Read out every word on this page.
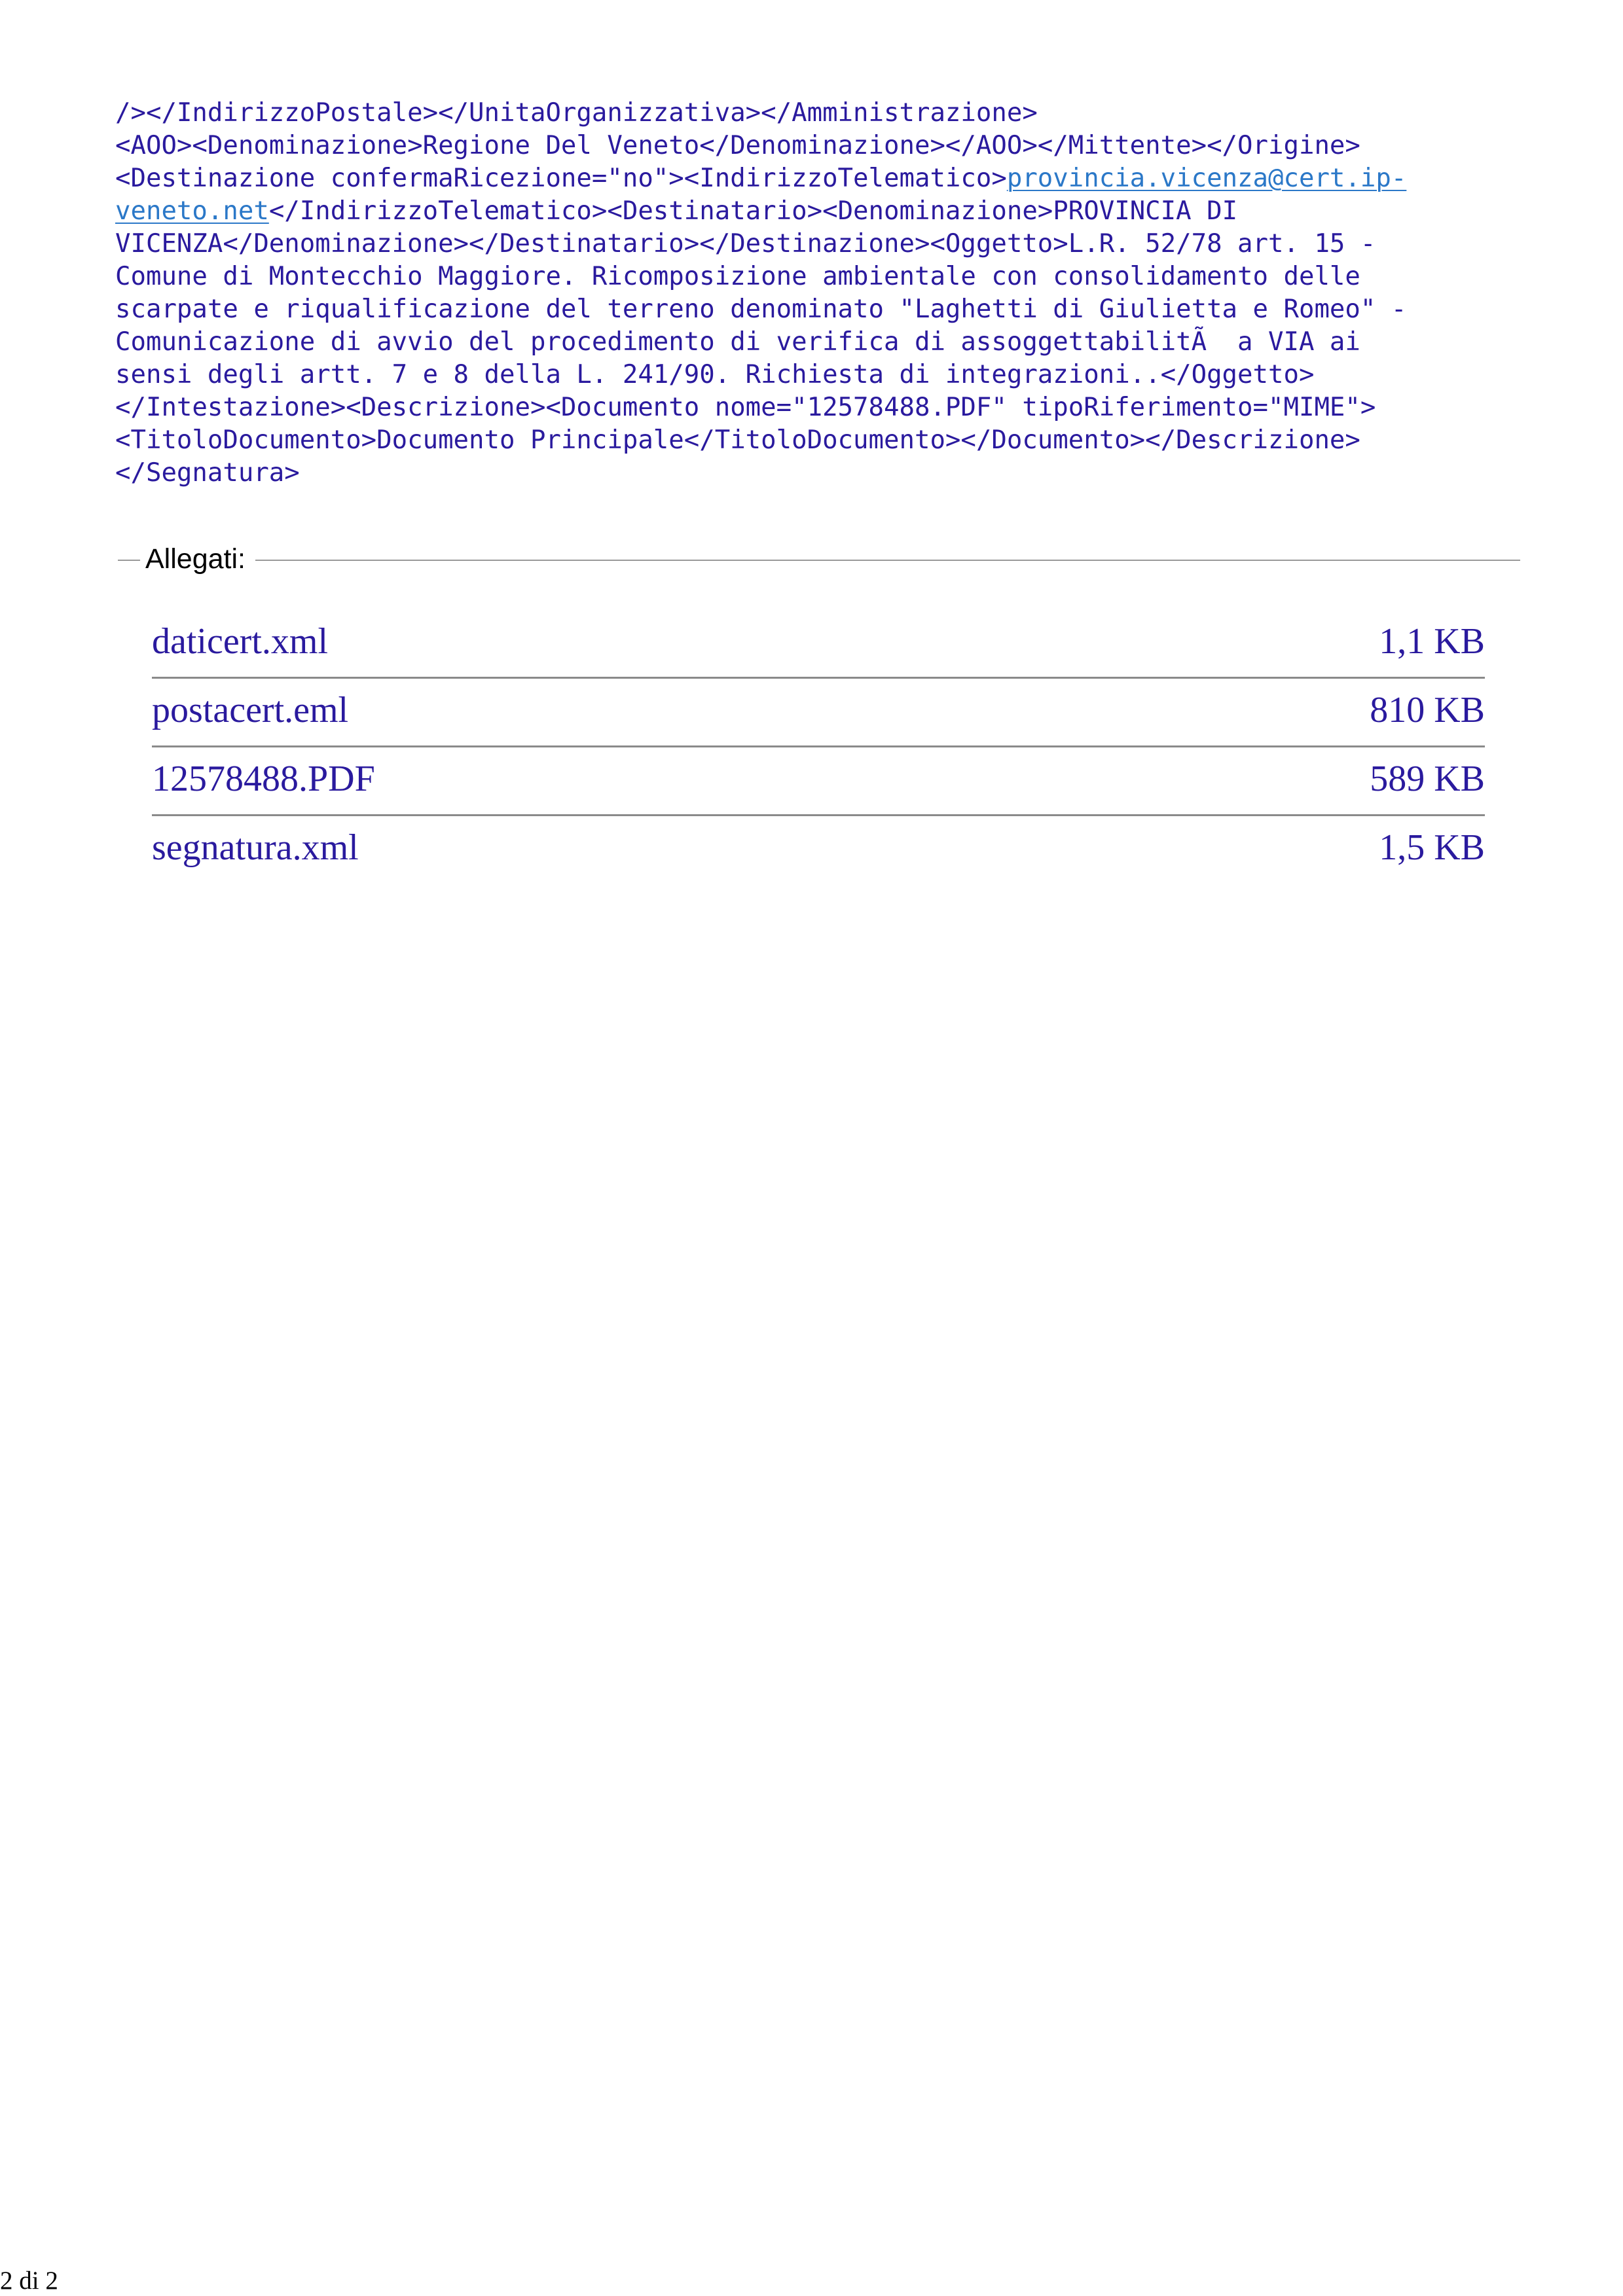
/></IndirizzoPostale></UnitaOrganizzativa></Amministrazione>
<AOO><Denominazione>Regione Del Veneto</Denominazione></AOO></Mittente></Origine>
<Destinazione confermaRicezione="no"><IndirizzoTelematico>provincia.vicenza@cert.ip-
veneto.net</IndirizzoTelematico><Destinatario><Denominazione>PROVINCIA DI
VICENZA</Denominazione></Destinatario></Destinazione><Oggetto>L.R. 52/78 art. 15 -
Comune di Montecchio Maggiore. Ricomposizione ambientale con consolidamento delle
scarpate e riqualificazione del terreno denominato "Laghetti di Giulietta e Romeo" -
Comunicazione di avvio del procedimento di verifica di assoggettabilitÃ  a VIA ai
sensi degli artt. 7 e 8 della L. 241/90. Richiesta di integrazioni..</Oggetto>
</Intestazione><Descrizione><Documento nome="12578488.PDF" tipoRiferimento="MIME">
<TitoloDocumento>Documento Principale</TitoloDocumento></Documento></Descrizione>
</Segnatura>
Allegati:
daticert.xml	1,1 KB
postacert.eml	810 KB
12578488.PDF	589 KB
segnatura.xml	1,5 KB
2 di 2
